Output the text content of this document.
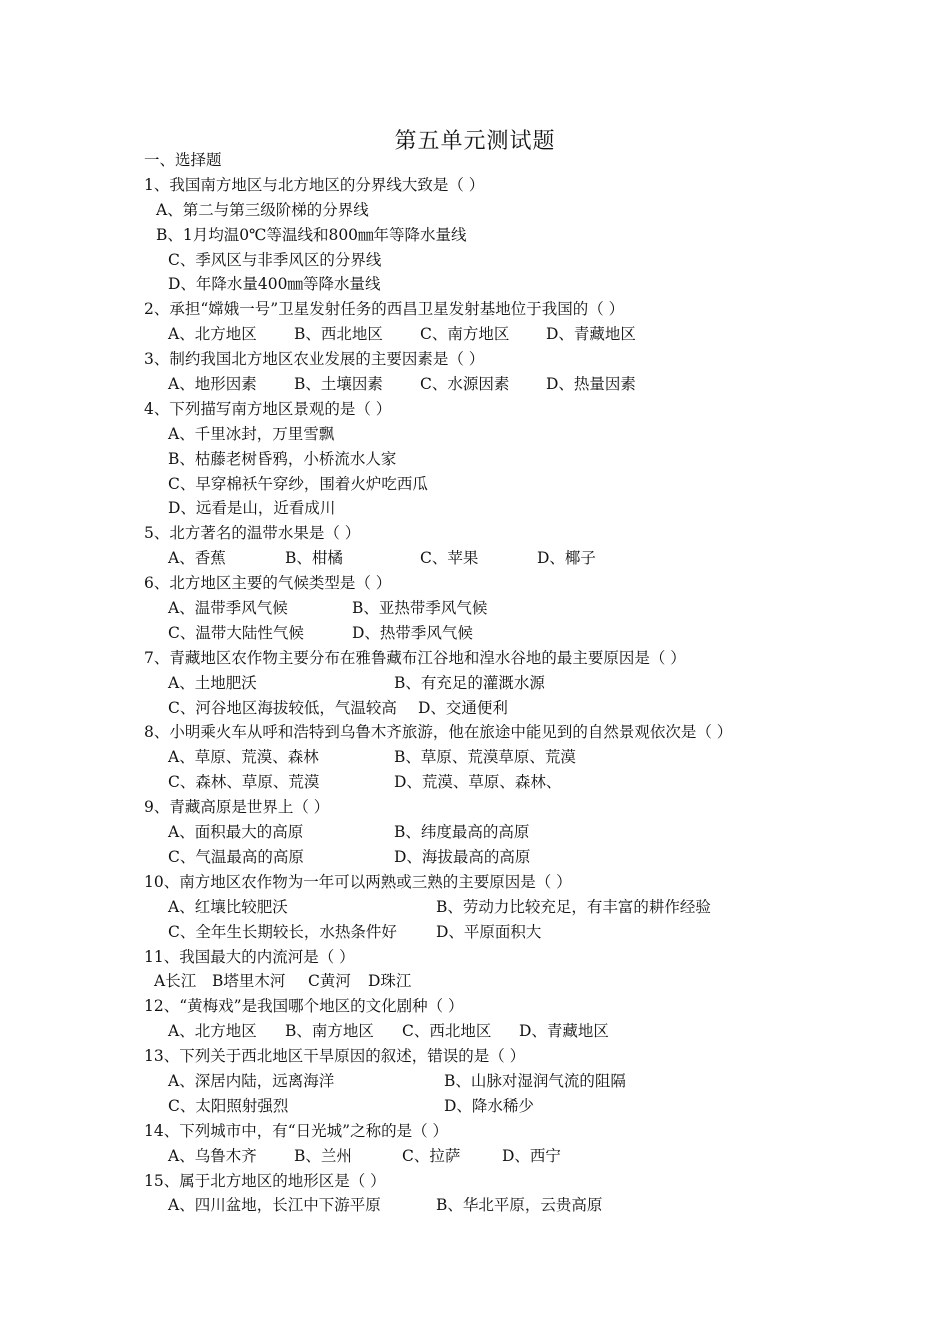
第五单元测试题
一、选择题
1、我国南方地区与北方地区的分界线大致是（ ）
A、第二与第三级阶梯的分界线
B、1月均温0℃等温线和800㎜年等降水量线
C、季风区与非季风区的分界线
D、年降水量400㎜等降水量线
2、承担“嫦娥一号”卫星发射任务的西昌卫星发射基地位于我国的（ ）
A、北方地区 B、西北地区 C、南方地区 D、青藏地区
3、制约我国北方地区农业发展的主要因素是（ ）
A、地形因素 B、土壤因素 C、水源因素 D、热量因素
4、下列描写南方地区景观的是（ ）
A、千里冰封，万里雪飘
B、枯藤老树昏鸦，小桥流水人家
C、早穿棉袄午穿纱，围着火炉吃西瓜
D、远看是山，近看成川
5、北方著名的温带水果是（ ）
A、香蕉	B、柑橘	C、苹果	D、椰子
6、北方地区主要的气候类型是（ ）
A、温带季风气候	B、亚热带季风气候
C、温带大陆性气候	D、热带季风气候
7、青藏地区农作物主要分布在雅鲁藏布江谷地和湟水谷地的最主要原因是（ ）
A、土地肥沃	B、有充足的灌溉水源
C、河谷地区海拔较低，气温较高 D、交通便利
8、小明乘火车从呼和浩特到乌鲁木齐旅游，他在旅途中能见到的自然景观依次是（ ）
A、草原、荒漠、森林	B、草原、荒漠草原、荒漠
C、森林、草原、荒漠	D、荒漠、草原、森林、
9、青藏高原是世界上（ ）
A、面积最大的高原	B、纬度最高的高原
C、气温最高的高原	D、海拔最高的高原
10、南方地区农作物为一年可以两熟或三熟的主要原因是（ ）
A、红壤比较肥沃	B、劳动力比较充足，有丰富的耕作经验
C、全年生长期较长，水热条件好	D、平原面积大
11、我国最大的内流河是（ ）
A长江 B塔里木河 C黄河 D珠江
12、“黄梅戏”是我国哪个地区的文化剧种（ ）
A、北方地区 B、南方地区 C、西北地区 D、青藏地区
13、下列关于西北地区干旱原因的叙述，错误的是（ ）
A、深居内陆，远离海洋	B、山脉对湿润气流的阻隔
C、太阳照射强烈	D、降水稀少
14、下列城市中，有“日光城”之称的是（ ）
A、乌鲁木齐 B、兰州	C、拉萨	D、西宁
15、属于北方地区的地形区是（ ）
A、四川盆地，长江中下游平原	B、华北平原，云贵高原
